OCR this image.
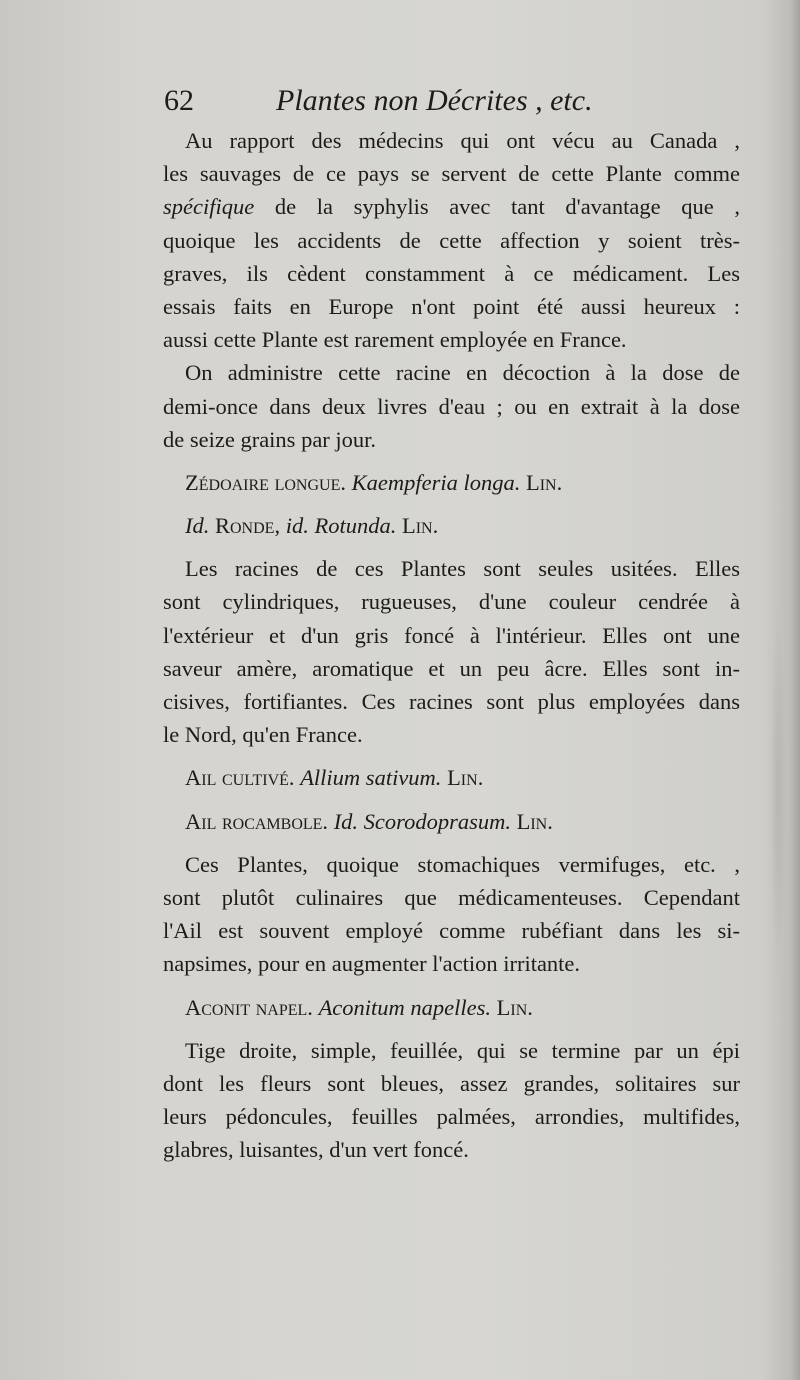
62	Plantes non Décrites , etc.
Au rapport des médecins qui ont vécu au Canada ,
les sauvages de ce pays se servent de cette Plante comme
spécifique de la syphylis avec tant d'avantage que ,
quoique les accidents de cette affection y soient très-
graves, ils cèdent constamment à ce médicament. Les
essais faits en Europe n'ont point été aussi heureux :
aussi cette Plante est rarement employée en France.
On administre cette racine en décoction à la dose de
demi-once dans deux livres d'eau ; ou en extrait à la dose
de seize grains par jour.
Zédoaire longue. Kaempferia longa. Lin.
Id. Ronde, id. Rotunda. Lin.
Les racines de ces Plantes sont seules usitées. Elles
sont cylindriques, rugueuses, d'une couleur cendrée à
l'extérieur et d'un gris foncé à l'intérieur. Elles ont une
saveur amère, aromatique et un peu âcre. Elles sont in-
cisives, fortifiantes. Ces racines sont plus employées dans
le Nord, qu'en France.
Ail cultivé. Allium sativum. Lin.
Ail rocambole. Id. Scorodoprasum. Lin.
Ces Plantes, quoique stomachiques vermifuges, etc. ,
sont plutôt culinaires que médicamenteuses. Cependant
l'Ail est souvent employé comme rubéfiant dans les si-
napsimes, pour en augmenter l'action irritante.
Aconit napel. Aconitum napelles. Lin.
Tige droite, simple, feuillée, qui se termine par un épi
dont les fleurs sont bleues, assez grandes, solitaires sur
leurs pédoncules, feuilles palmées, arrondies, multifides,
glabres, luisantes, d'un vert foncé.
